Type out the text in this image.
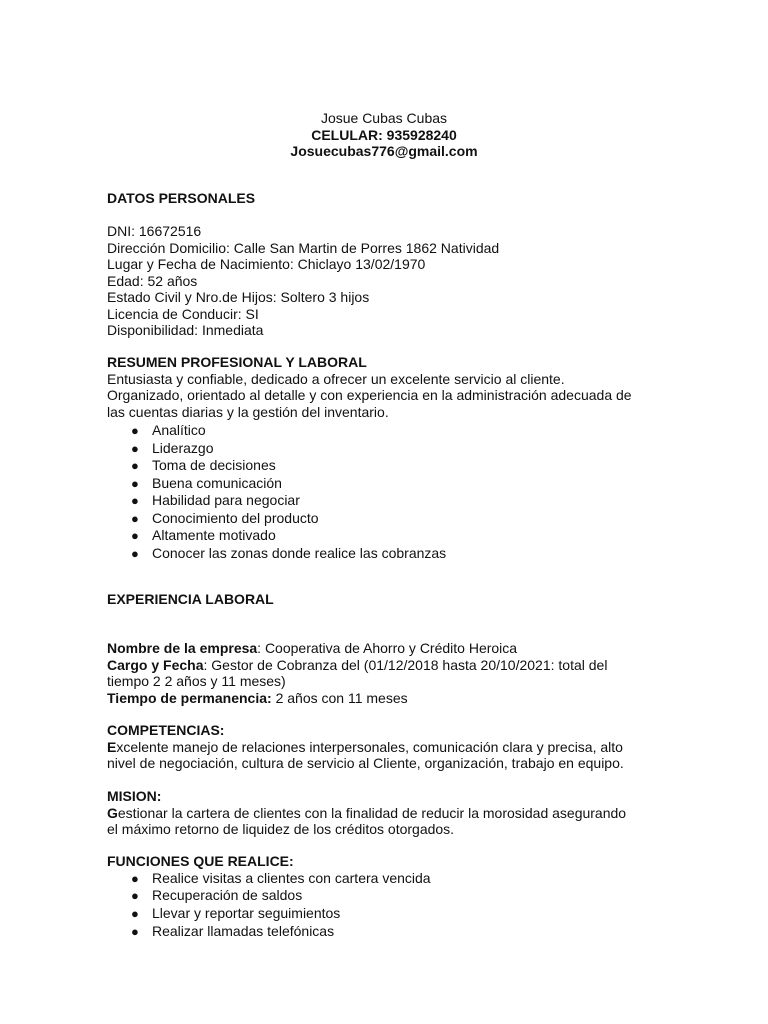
Josue Cubas Cubas
CELULAR: 935928240
Josuecubas776@gmail.com
DATOS PERSONALES
DNI: 16672516
Dirección Domicilio: Calle San Martin de Porres 1862 Natividad
Lugar y Fecha de Nacimiento: Chiclayo 13/02/1970
Edad: 52 años
Estado Civil y Nro.de Hijos: Soltero 3 hijos
Licencia de Conducir: SI
Disponibilidad: Inmediata
RESUMEN PROFESIONAL Y LABORAL
Entusiasta y confiable, dedicado a ofrecer un excelente servicio al cliente.
Organizado, orientado al detalle y con experiencia en la administración adecuada de las cuentas diarias y la gestión del inventario.
● Analítico
● Liderazgo
● Toma de decisiones
● Buena comunicación
● Habilidad para negociar
● Conocimiento del producto
● Altamente motivado
● Conocer las zonas donde realice las cobranzas
EXPERIENCIA LABORAL
Nombre de la empresa: Cooperativa de Ahorro y Crédito Heroica
Cargo y Fecha: Gestor de Cobranza del (01/12/2018 hasta 20/10/2021: total del tiempo 2 2 años y 11 meses)
Tiempo de permanencia: 2 años con 11 meses
COMPETENCIAS:
Excelente manejo de relaciones interpersonales, comunicación clara y precisa, alto nivel de negociación, cultura de servicio al Cliente, organización, trabajo en equipo.
MISION:
Gestionar la cartera de clientes con la finalidad de reducir la morosidad asegurando el máximo retorno de liquidez de los créditos otorgados.
FUNCIONES QUE REALICE:
● Realice visitas a clientes con cartera vencida
● Recuperación de saldos
● Llevar y reportar seguimientos
● Realizar llamadas telefónicas
